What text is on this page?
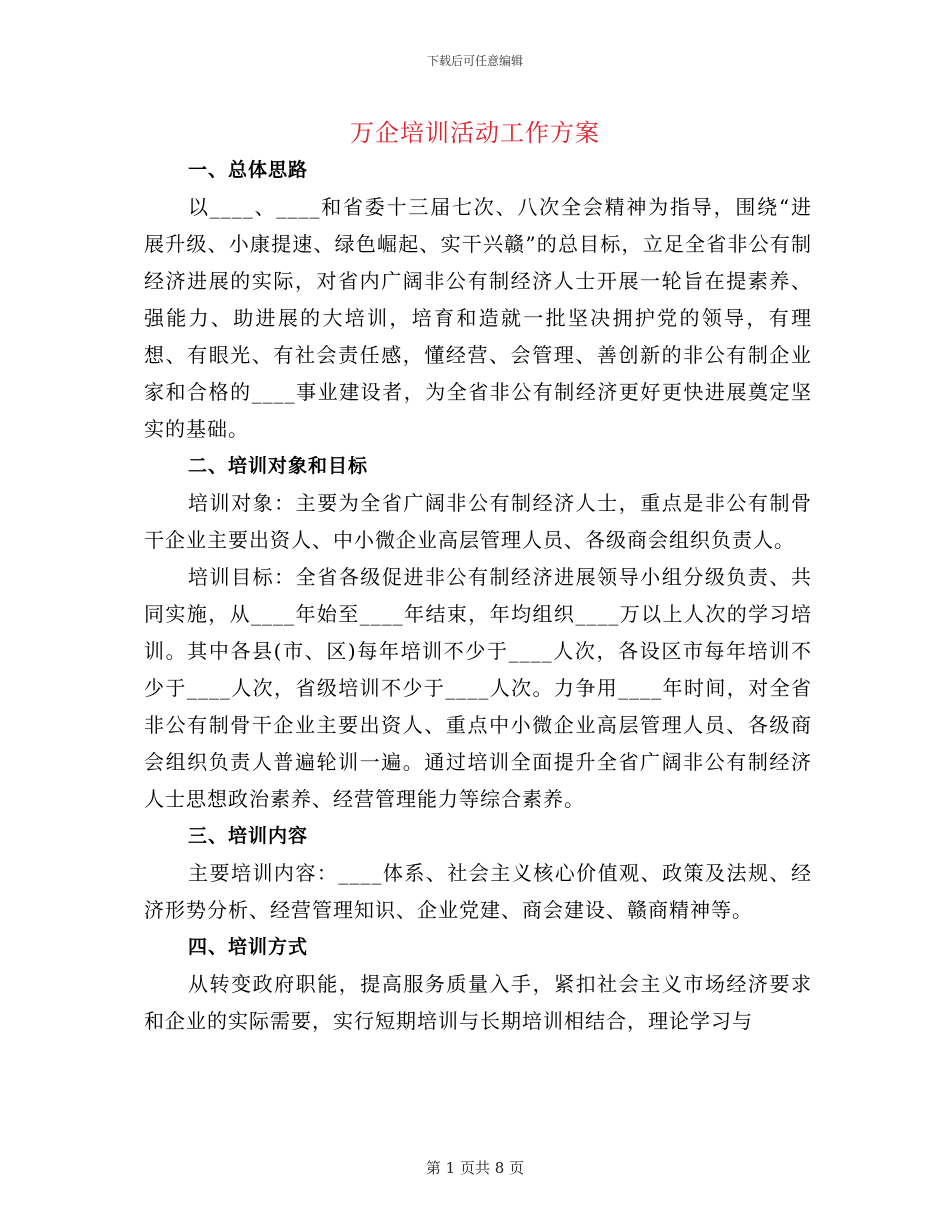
下载后可任意编辑
万企培训活动工作方案

一、总体思路

以____、____和省委十三届七次、八次全会精神为指导，围绕“进展升级、小康提速、绿色崛起、实干兴赣”的总目标，立足全省非公有制经济进展的实际，对省内广阔非公有制经济人士开展一轮旨在提素养、强能力、助进展的大培训，培育和造就一批坚决拥护党的领导，有理想、有眼光、有社会责任感，懂经营、会管理、善创新的非公有制企业家和合格的____事业建设者，为全省非公有制经济更好更快进展奠定坚实的基础。

二、培训对象和目标

培训对象：主要为全省广阔非公有制经济人士，重点是非公有制骨干企业主要出资人、中小微企业高层管理人员、各级商会组织负责人。

培训目标：全省各级促进非公有制经济进展领导小组分级负责、共同实施，从____年始至____年结束，年均组织____万以上人次的学习培训。其中各县(市、区)每年培训不少于____人次，各设区市每年培训不少于____人次，省级培训不少于____人次。力争用____年时间，对全省非公有制骨干企业主要出资人、重点中小微企业高层管理人员、各级商会组织负责人普遍轮训一遍。通过培训全面提升全省广阔非公有制经济人士思想政治素养、经营管理能力等综合素养。

三、培训内容

主要培训内容：____体系、社会主义核心价值观、政策及法规、经济形势分析、经营管理知识、企业党建、商会建设、赣商精神等。

四、培训方式

从转变政府职能，提高服务质量入手，紧扣社会主义市场经济要求和企业的实际需要，实行短期培训与长期培训相结合，理论学习与

第 1 页共 8 页
